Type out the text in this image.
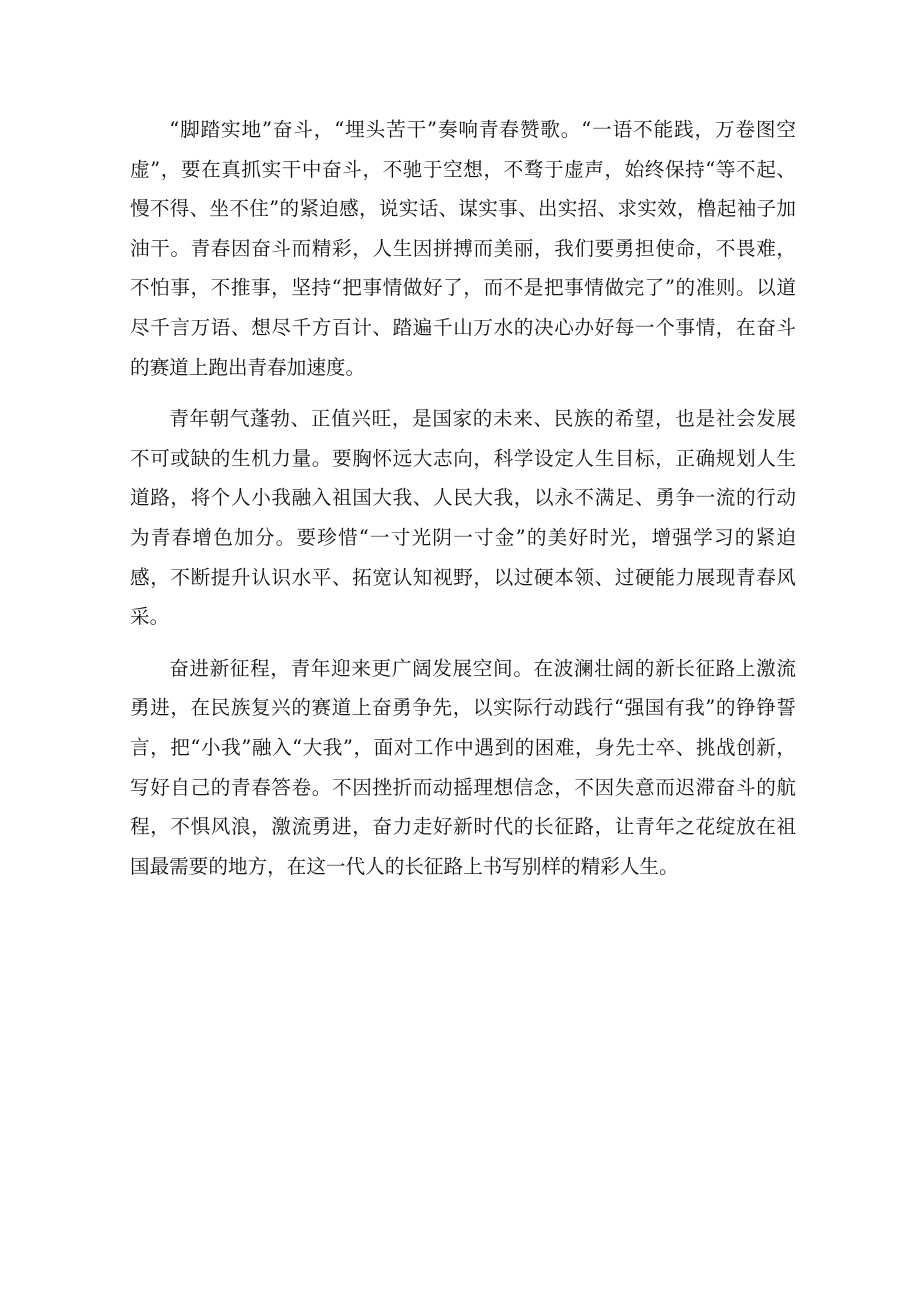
“脚踏实地”奋斗，“埋头苦干”奏响青春赞歌。“一语不能践，万卷图空虚”，要在真抓实干中奋斗，不驰于空想，不骛于虚声，始终保持“等不起、慢不得、坐不住”的紧迫感，说实话、谋实事、出实招、求实效，橹起袖子加油干。青春因奋斗而精彩，人生因拼搏而美丽，我们要勇担使命，不畏难，不怕事，不推事，坚持“把事情做好了，而不是把事情做完了”的准则。以道尽千言万语、想尽千方百计、踏遍千山万水的决心办好每一个事情，在奋斗的赛道上跑出青春加速度。

青年朝气蓬勃、正值兴旺，是国家的未来、民族的希望，也是社会发展不可或缺的生机力量。要胸怀远大志向，科学设定人生目标，正确规划人生道路，将个人小我融入祖国大我、人民大我，以永不满足、勇争一流的行动为青春增色加分。要珍惜“一寸光阴一寸金”的美好时光，增强学习的紧迫感，不断提升认识水平、拓宽认知视野，以过硬本领、过硬能力展现青春风采。

奋进新征程，青年迎来更广阔发展空间。在波澜壮阔的新长征路上激流勇进，在民族复兴的赛道上奋勇争先，以实际行动践行“强国有我”的铮铮誓言，把“小我”融入“大我”，面对工作中遇到的困难，身先士卒、挑战创新，写好自己的青春答卷。不因挫折而动摇理想信念，不因失意而迟滞奋斗的航程，不惧风浪，激流勇进，奋力走好新时代的长征路，让青年之花绽放在祖国最需要的地方，在这一代人的长征路上书写别样的精彩人生。
